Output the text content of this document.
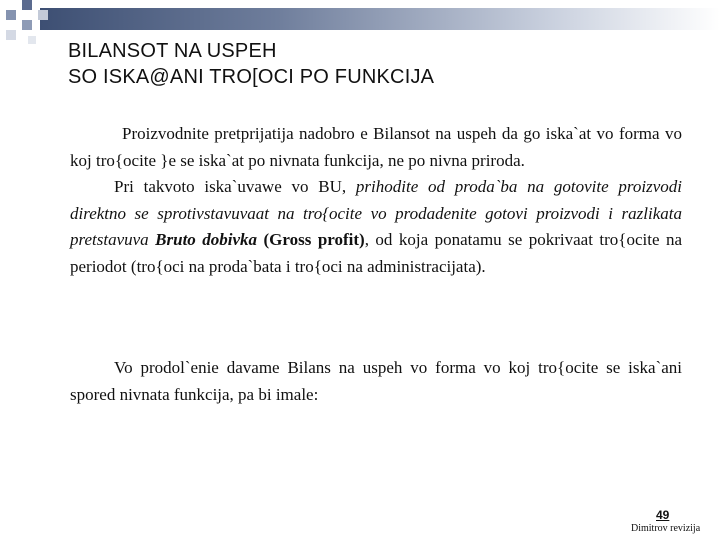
BILANSOT NA USPEH
SO ISKA@ANI TRO[OCI PO FUNKCIJA
Proizvodnite pretprijatija nadobro e Bilansot na uspeh da go iska`at vo forma vo koj tro{ocite }e se iska`at po nivnata funkcija, ne po nivna priroda.
Pri takvoto iska`uvawe vo BU, prihodite od proda`ba na gotovite proizvodi direktno se sprotivstavuvaat na tro{ocite vo prodadenite gotovi proizvodi i razlikata pretstavuva Bruto dobivka (Gross profit), od koja ponatamu se pokrivaat tro{ocite na periodot (tro{oci na proda`bata i tro{oci na administracijata).
Vo prodol`enie davame Bilans na uspeh vo forma vo koj tro{ocite se iska`ani spored nivnata funkcija, pa bi imale:
49
Dimitrov revizija
